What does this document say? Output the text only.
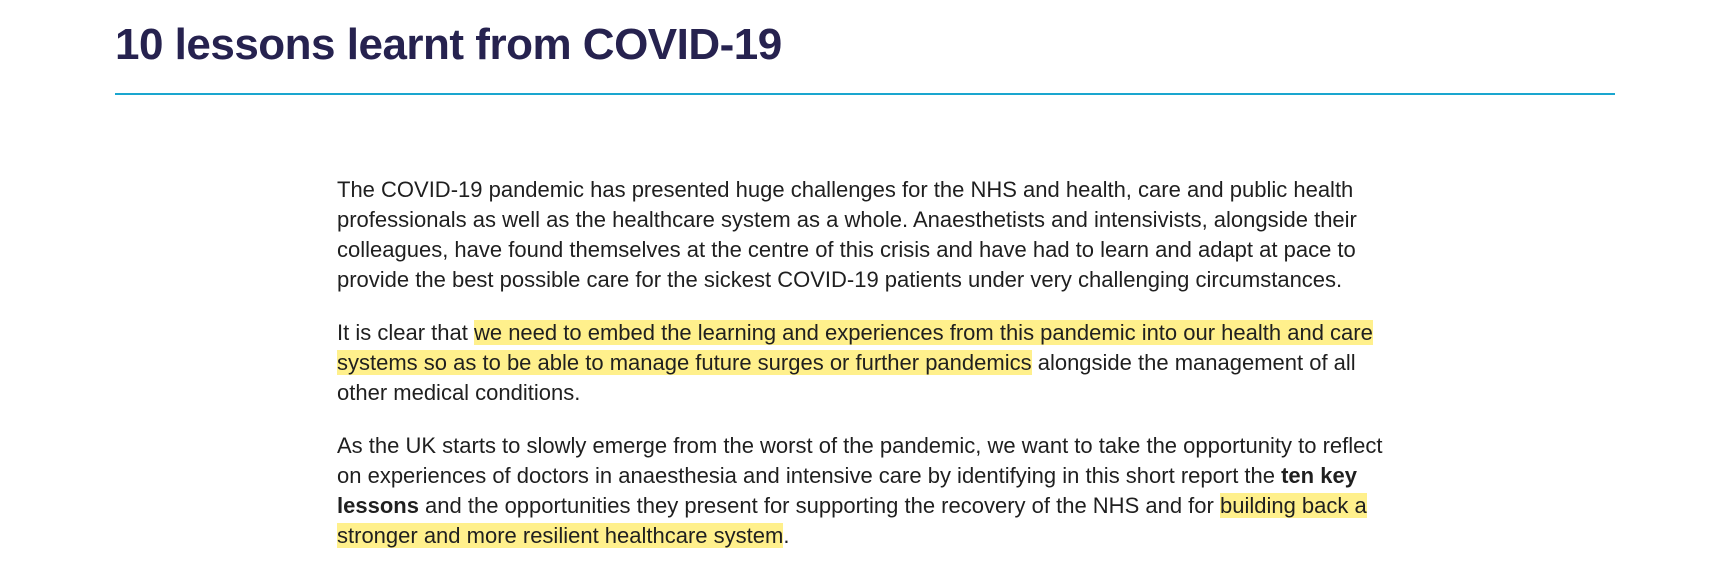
10 lessons learnt from COVID-19

The COVID-19 pandemic has presented huge challenges for the NHS and health, care and public health professionals as well as the healthcare system as a whole. Anaesthetists and intensivists, alongside their colleagues, have found themselves at the centre of this crisis and have had to learn and adapt at pace to provide the best possible care for the sickest COVID-19 patients under very challenging circumstances.

It is clear that we need to embed the learning and experiences from this pandemic into our health and care systems so as to be able to manage future surges or further pandemics alongside the management of all other medical conditions.

As the UK starts to slowly emerge from the worst of the pandemic, we want to take the opportunity to reflect on experiences of doctors in anaesthesia and intensive care by identifying in this short report the ten key lessons and the opportunities they present for supporting the recovery of the NHS and for building back a stronger and more resilient healthcare system.
